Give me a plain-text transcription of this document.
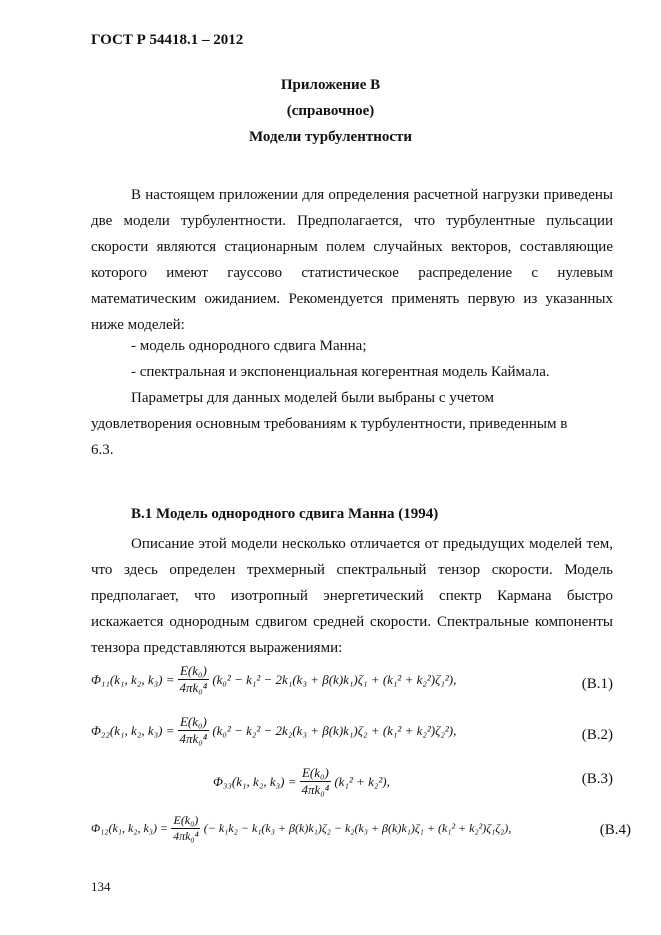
ГОСТ Р 54418.1 – 2012
Приложение В
(справочное)
Модели турбулентности

В настоящем приложении для определения расчетной нагрузки приведены две модели турбулентности. Предполагается, что турбулентные пульсации скорости являются стационарным полем случайных векторов, составляющие которого имеют гауссово статистическое распределение с нулевым математическим ожиданием. Рекомендуется применять первую из указанных ниже моделей:

- модель однородного сдвига Манна;
- спектральная и экспоненциальная когерентная модель Каймала.
Параметры для данных моделей были выбраны с учетом
удовлетворения основным требованиям к турбулентности, приведенным в
6.3.
В.1 Модель однородного сдвига Манна (1994)

Описание этой модели несколько отличается от предыдущих моделей тем, что здесь определен трехмерный спектральный тензор скорости. Модель предполагает, что изотропный энергетический спектр Кармана быстро искажается однородным сдвигом средней скорости. Спектральные компоненты тензора представляются выражениями:

Φ₁₁(k₁, k₂, $k_3) = \frac{\text{E(k₀)}}{\text{4πk₀⁴}} (k_0^2 - k_1^2 - 2k_1(k_3 + \beta(k)k_1)\zeta_1 + (k_1^2 + k_2^2)\zeta_1^2)$,	(B.1)
Φ₂₂(k₁, k₂, $k_3) = \frac{\text{E(k₀)}}{\text{4πk₀⁴}} (k_0^2 - k_2^2 - 2k_2(k_3 + \beta(k)k_1)\zeta_2 + (k_1^2 + k_2^2)\zeta_2^2)$,	(B.2)
Φ₃₃(k₁, k₂, $k_3) = \frac{\text{E(k₀)}}{\text{4πk₀⁴}} (k_1^2 + k_2^2)$,	(B.3)
Φ₁₂(k₁, k₂, $k_3) = \frac{\text{E(k₀)}}{\text{4πk₀⁴}}$ (− k₁k₂ − k₁(k₃ + β(k)k₁)ζ₂ − k₂(k₃ + β(k)k₁)ζ₁ + (k₁² + k₂²)ζ₁ζ₂),	(B.4)
134
